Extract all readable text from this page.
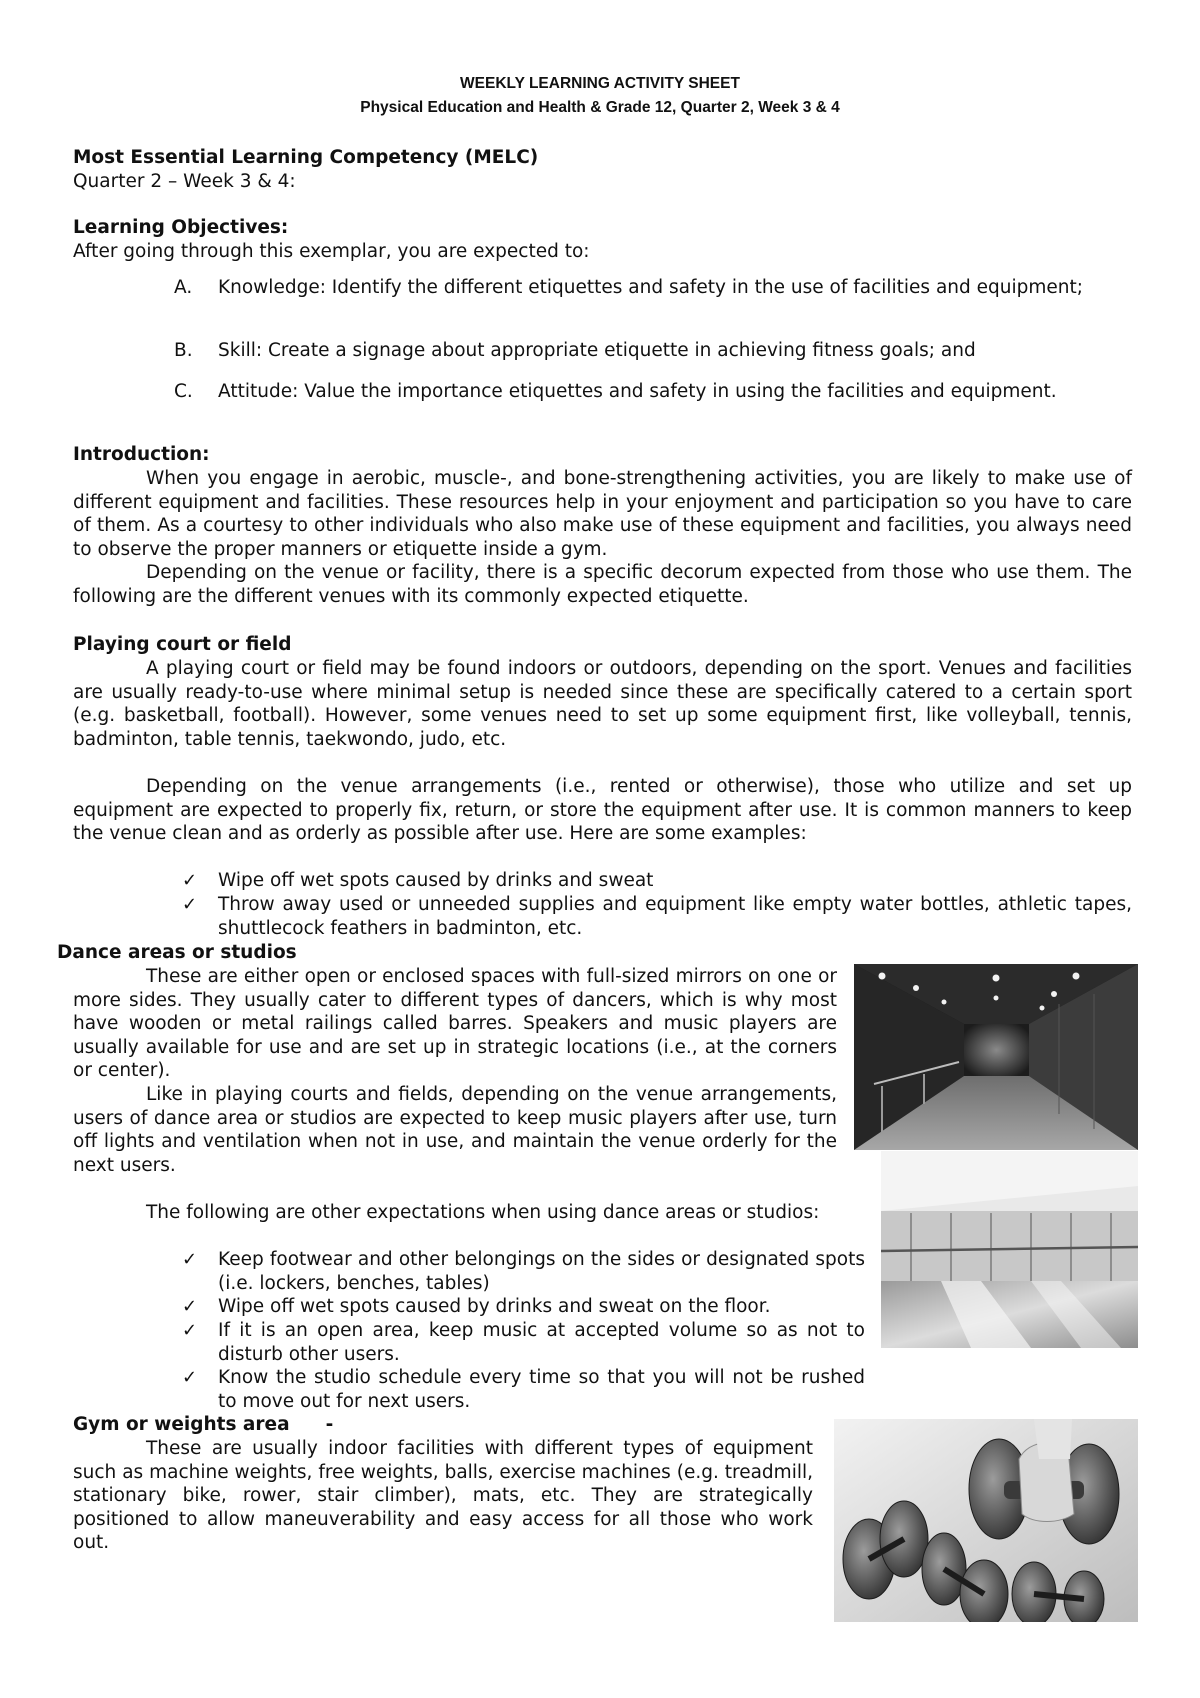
WEEKLY LEARNING ACTIVITY SHEET
Physical Education and Health & Grade 12, Quarter 2, Week 3 & 4
Most Essential Learning Competency (MELC)
Quarter 2 – Week 3 & 4:
Learning Objectives:
After going through this exemplar, you are expected to:
A. Knowledge: Identify the different etiquettes and safety in the use of facilities and equipment;
B. Skill: Create a signage about appropriate etiquette in achieving fitness goals; and
C. Attitude: Value the importance etiquettes and safety in using the facilities and equipment.
Introduction:
When you engage in aerobic, muscle-, and bone-strengthening activities, you are likely to make use of different equipment and facilities. These resources help in your enjoyment and participation so you have to care of them. As a courtesy to other individuals who also make use of these equipment and facilities, you always need to observe the proper manners or etiquette inside a gym.
Depending on the venue or facility, there is a specific decorum expected from those who use them. The following are the different venues with its commonly expected etiquette.
Playing court or field
A playing court or field may be found indoors or outdoors, depending on the sport. Venues and facilities are usually ready-to-use where minimal setup is needed since these are specifically catered to a certain sport (e.g. basketball, football). However, some venues need to set up some equipment first, like volleyball, tennis, badminton, table tennis, taekwondo, judo, etc.
Depending on the venue arrangements (i.e., rented or otherwise), those who utilize and set up equipment are expected to properly fix, return, or store the equipment after use. It is common manners to keep the venue clean and as orderly as possible after use. Here are some examples:
✓ Wipe off wet spots caused by drinks and sweat
✓ Throw away used or unneeded supplies and equipment like empty water bottles, athletic tapes, shuttlecock feathers in badminton, etc.
Dance areas or studios
These are either open or enclosed spaces with full-sized mirrors on one or more sides. They usually cater to different types of dancers, which is why most have wooden or metal railings called barres. Speakers and music players are usually available for use and are set up in strategic locations (i.e., at the corners or center).
Like in playing courts and fields, depending on the venue arrangements, users of dance area or studios are expected to keep music players after use, turn off lights and ventilation when not in use, and maintain the venue orderly for the next users.
The following are other expectations when using dance areas or studios:
✓ Keep footwear and other belongings on the sides or designated spots (i.e. lockers, benches, tables)
✓ Wipe off wet spots caused by drinks and sweat on the floor.
✓ If it is an open area, keep music at accepted volume so as not to disturb other users.
✓ Know the studio schedule every time so that you will not be rushed to move out for next users.
Gym or weights area -
These are usually indoor facilities with different types of equipment such as machine weights, free weights, balls, exercise machines (e.g. treadmill, stationary bike, rower, stair climber), mats, etc. They are strategically positioned to allow maneuverability and easy access for all those who work out.
